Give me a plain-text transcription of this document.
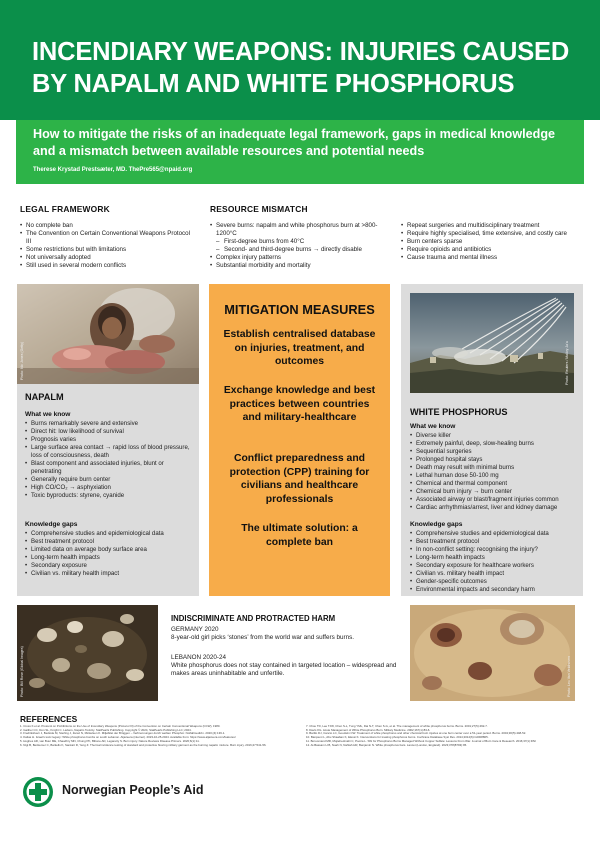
INCENDIARY WEAPONS: INJURIES CAUSED BY NAPALM AND WHITE PHOSPHORUS
How to mitigate the risks of an inadequate legal framework, gaps in medical knowledge and a mismatch between available resources and potential needs
Therese Krystad Prestsæter, MD. ThePre565@npaid.org
LEGAL FRAMEWORK
• No complete ban
• The Convention on Certain Conventional Weapons Protocol III
• Some restrictions but with limitations
• Not universally adopted
• Still used in several modern conflicts
RESOURCE MISMATCH
• Severe burns: napalm and white phosphorus burn at >800-1200°C
– First-degree burns from 40°C
– Second- and third-degree burns → directly disable
• Complex injury patterns
• Substantial morbidity and mortality
• Repeat surgeries and multidisciplinary treatment
• Require highly specialised, time extensive, and costly care
• Burn centers sparse
• Require opioids and antibiotics
• Cause trauma and mental illness
Photo: Nic Jones (Getty)
NAPALM
What we know
• Burns remarkably severe and extensive
• Direct hit: low likelihood of survival
• Prognosis varies
• Large surface area contact → rapid loss of blood pressure, loss of consciousness, death
• Blast component and associated injuries, blunt or penetrating
• Generally require burn center
• High CO/CO₂ → asphyxiation
• Toxic byproducts: styrene, cyanide
Knowledge gaps
• Comprehensive studies and epidemiological data
• Best treatment protocol
• Limited data on average body surface area
• Long-term health impacts
• Secondary exposure
• Civilian vs. military health impact
MITIGATION MEASURES
Establish centralised database on injuries, treatment, and outcomes
Exchange knowledge and best practices between countries and military-healthcare
Conflict preparedness and protection (CPP) training for civilians and healthcare professionals
The ultimate solution: a complete ban
Photo: Reuters / Malloy Ja’a
WHITE PHOSPHORUS
What we know
• Diverse killer
• Extremely painful, deep, slow-healing burns
• Sequential surgeries
• Prolonged hospital stays
• Death may result with minimal burns
• Lethal human dose 50-100 mg
• Chemical and thermal component
• Chemical burn injury → burn center
• Associated airway or blast/fragment injuries common
• Cardiac arrhythmias/arrest, liver and kidney damage
Knowledge gaps
• Comprehensive studies and epidemiological data
• Best treatment protocol
• In non-conflict setting: recognising the injury?
• Long-term health impacts
• Secondary exposure for healthcare workers
• Civilian vs. military health impact
• Gender-specific outcomes
• Environmental impacts and secondary harm
Photo: Bill Rose (Global Images)
INDISCRIMINATE AND PROTRACTED HARM
GERMANY 2020
8-year-old girl picks ‘stones’ from the world war and suffers burns.
LEBANON 2020-24
White phosphorus does not stay contained in targeted location – widespread and makes areas uninhabitable and unfertile.	Photo: Lex Van Veldhoven
REFERENCES
1. Cross K et al. Protocol on Prohibitions on the Use of Incendiary Weapons (Protocol III) of the Convention on Certain Conventional Weapons (CCW), 1980.
2. Gaither CC, Don SL, Knight C. Liebers, Napalm Toxicity. StatPearls Publishing. Copyright © 2024, StatPearls Publishing LLC; 2024.
3. Fredrikshavn J, Bedside M, Sterling J, Zeraz N, Mickelsen K. Miljøbilet der Brüggen – Verbrennungen durch weißen Phosphor. Notfallmedizin. 2020;(4):136-1.
4. Kaltas H. Israel's toxic legacy: White phosphorus bombs on south Lebanon. Aljazeera (internet). 2023-10-25-2024. Available from: https://www.aljazeera.com/features/
5. Hughes AR, van Buur ME, Chaudhry MN, Chung PK, Biltone AD, Legaretty S. Burn injury. Nature Reviews Disease Primers. 2020;6(1):11.
6. Nigt B, Berkiemer C, Barkells K, Sankart R, Yeng Z. Thermal incidence testing of standard and protective flooring military garment as the burning napalm mixture. Burn injury. 2016;47:541-56.
7. Chou TD, Lee TJW, Chen S-L, Tung YML, Dai N-T, Chen S-G, et al. The management of white phosphorus burns. Burns. 2001;27(5):492-7.
8. Davis KG. Acute Management of White Phosphorus Burn. Military Medicine. 2002;167(1):83-6.
9. Barillo DJ, Cancio LC, Goodwin CW. Treatment of white phosphorus and other chemical burn injuries at one burn center over a 51-year period. Burns. 2004;30(5):448-52.
10. Barqouni L, Abu Shaaban K, Elessi K. Interventions for treating phosphorus burns. Cochrane Database Syst Rev. 2014;2014(6):Cd008805.
11. Boroomand MR, Mojtehedmahi C, Pooria L. SW for Phosphorus Burns Managed Without Copper Sulfate: Lessons From War. Journal of Burn Care & Research. 2016;37(1):DNI
12. Al-Bassam H B, Noah N, Nahlah HR, Benjamin N. White phosphorus bars. Lancet (London, England). 2023;378(8793):95.
Norwegian People’s Aid
